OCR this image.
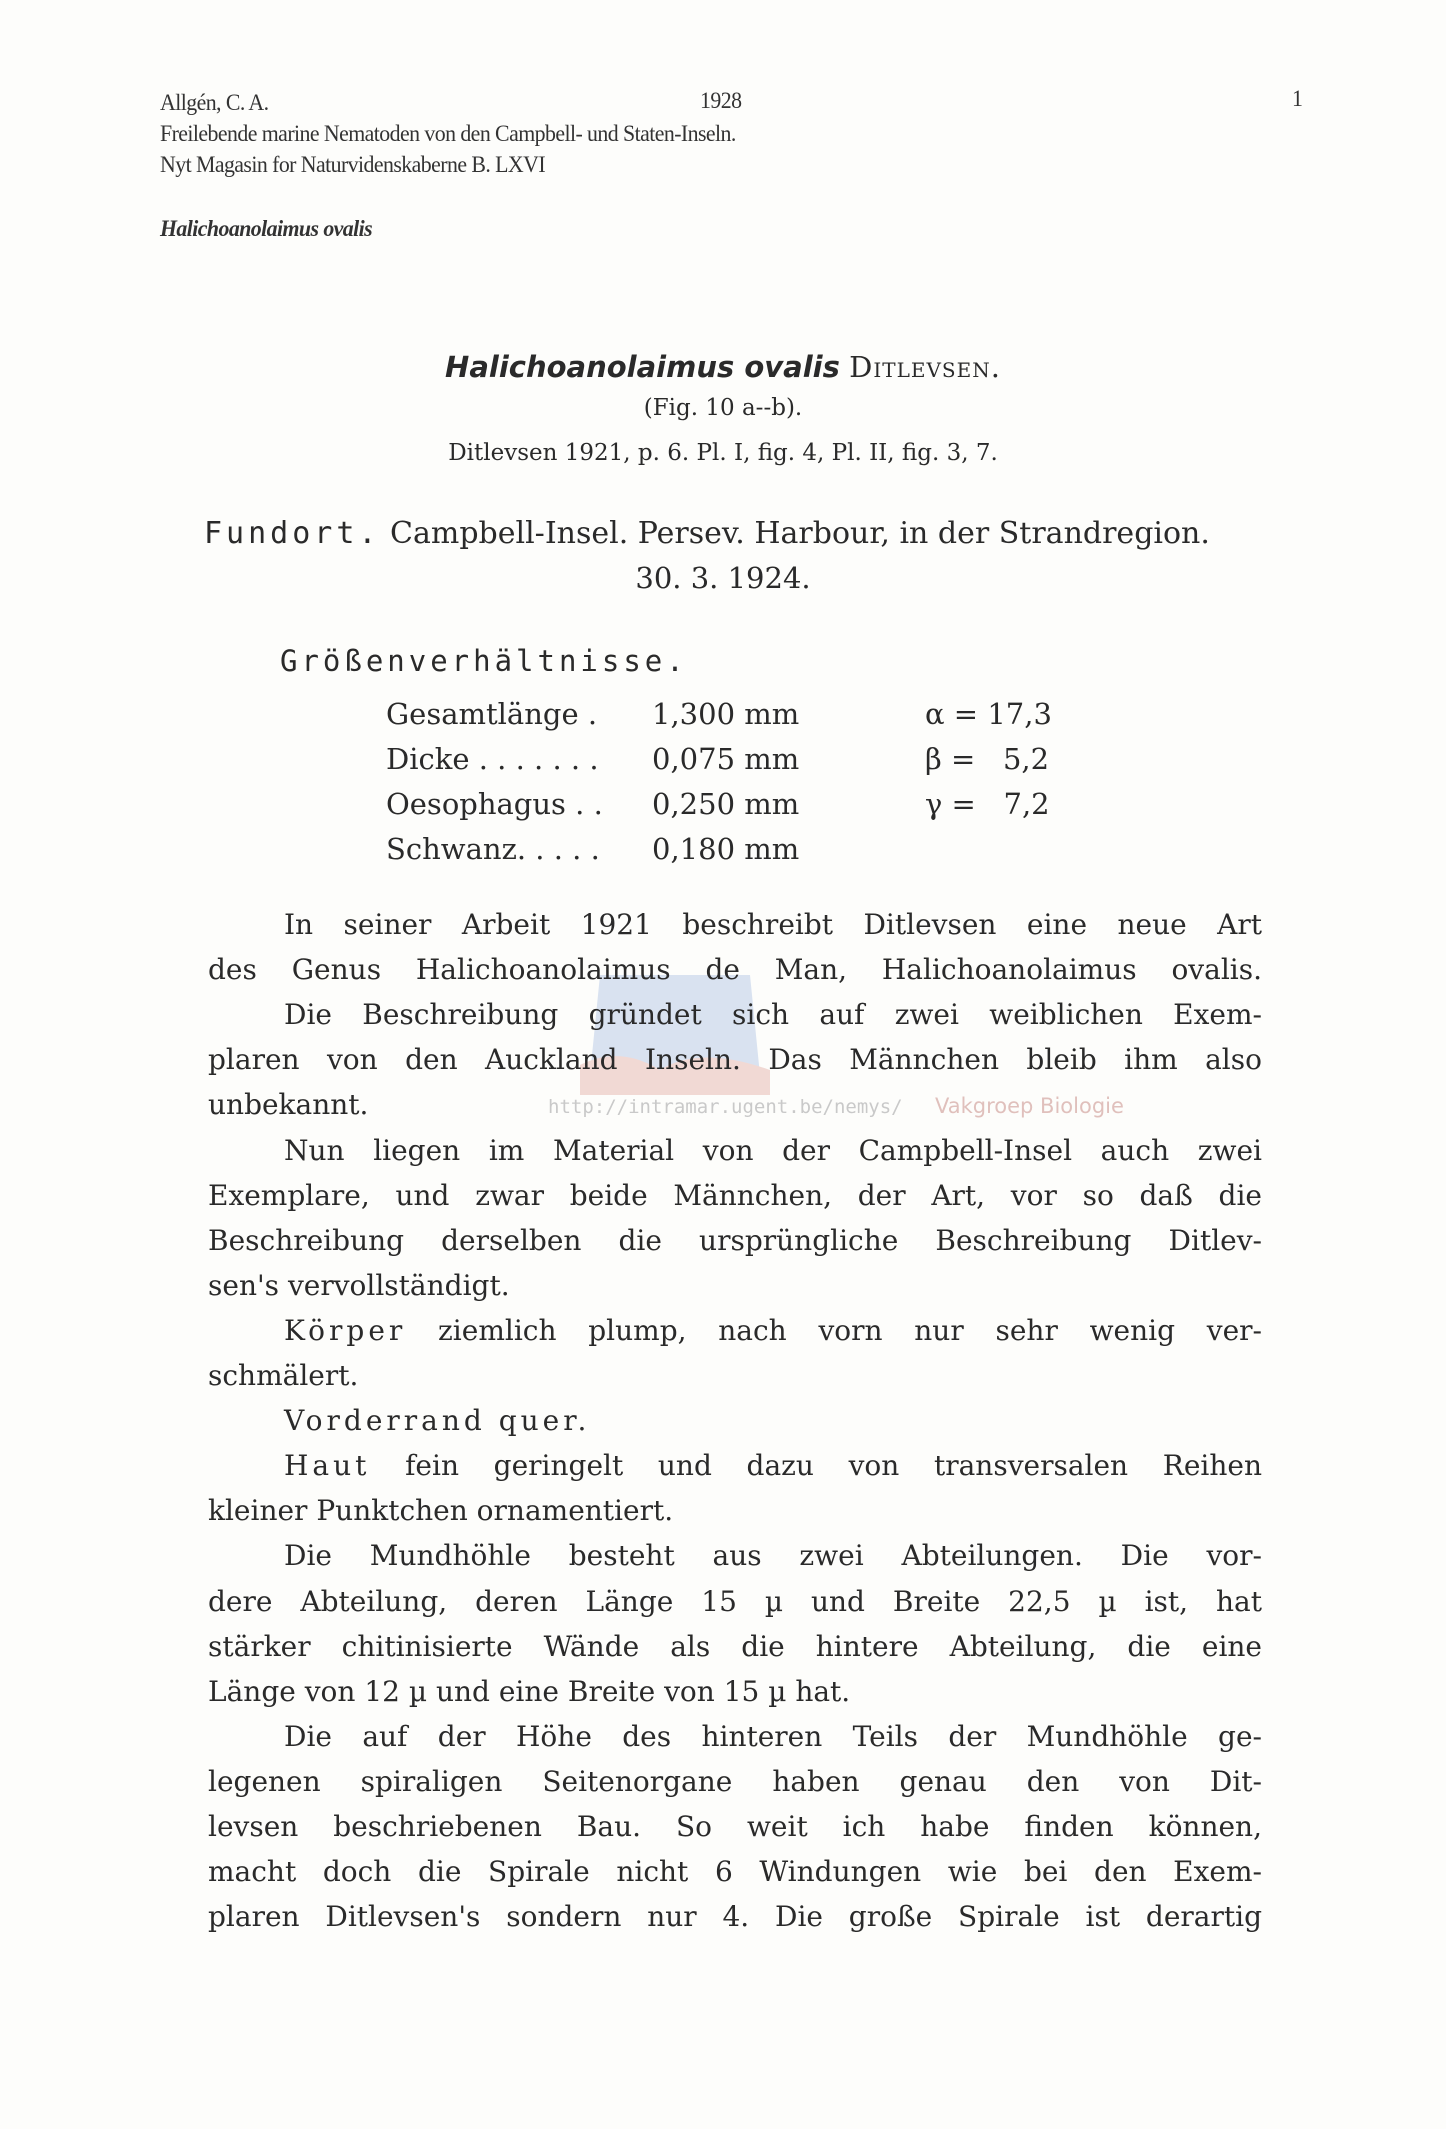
Allgén, C. A.	1928	1
Freilebende marine Nematoden von den Campbell- und Staten-Inseln.
Nyt Magasin for Naturvidenskaberne B. LXVI
Halichoanolaimus ovalis
Halichoanolaimus ovalis Ditlevsen.
(Fig. 10 a--b).
Ditlevsen 1921, p. 6. Pl. I, fig. 4, Pl. II, fig. 3, 7.
Fundort. Campbell-Insel. Persev. Harbour, in der Strandregion.
30. 3. 1924.
Größenverhältnisse.
Gesamtlänge . 1,300 mm	α = 17,3
Dicke . . . . . . . 0,075 mm	β =   5,2
Oesophagus . . 0,250 mm	γ =   7,2
Schwanz. . . . . 0,180 mm
In seiner Arbeit 1921 beschreibt Ditlevsen eine neue Art
des Genus Halichoanolaimus de Man, Halichoanolaimus ovalis.
Die Beschreibung gründet sich auf zwei weiblichen Exem-
plaren von den Auckland Inseln. Das Männchen bleib ihm also
unbekannt.
Nun liegen im Material von der Campbell-Insel auch zwei
Exemplare, und zwar beide Männchen, der Art, vor so daß die
Beschreibung derselben die ursprüngliche Beschreibung Ditlev-
sen's vervollständigt.
Körper ziemlich plump, nach vorn nur sehr wenig ver-
schmälert.
Vorderrand quer.
Haut fein geringelt und dazu von transversalen Reihen
kleiner Punktchen ornamentiert.
Die Mundhöhle besteht aus zwei Abteilungen. Die vor-
dere Abteilung, deren Länge 15 µ und Breite 22,5 µ ist, hat
stärker chitinisierte Wände als die hintere Abteilung, die eine
Länge von 12 µ und eine Breite von 15 µ hat.
Die auf der Höhe des hinteren Teils der Mundhöhle ge-
legenen spiraligen Seitenorgane haben genau den von Dit-
levsen beschriebenen Bau. So weit ich habe finden können,
macht doch die Spirale nicht 6 Windungen wie bei den Exem-
plaren Ditlevsen's sondern nur 4. Die große Spirale ist derartig
http://intramar.ugent.be/nemys/ Vakgroep Biologie
